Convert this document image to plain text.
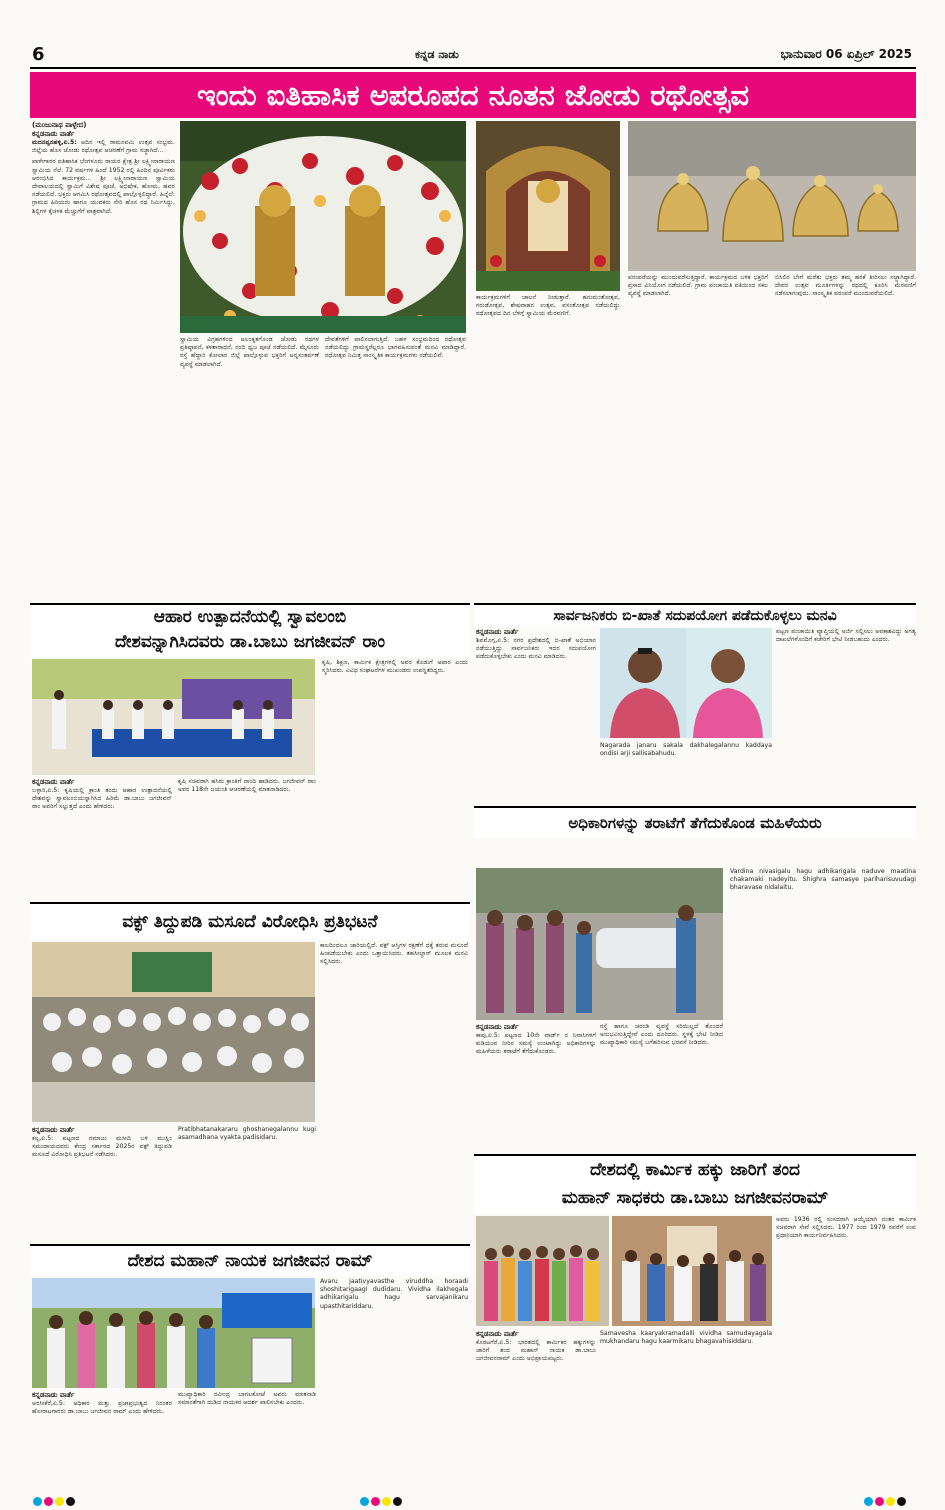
6	ಕನ್ನಡ ನಾಡು	ಭಾನುವಾರ 06 ಏಪ್ರಿಲ್ 2025
ಇಂದು ಐತಿಹಾಸಿಕ ಅಪರೂಪದ ನೂತನ ಜೋಡು ರಥೋತ್ಸವ
(ಮಂಜುನಾಥ ಪಾಳ್ಳೇದ)
ಕನ್ನಡನಾಡು ವಾರ್ತೆ
ಮದನಪ್ಪನಹಳ್ಳಿ,ಏ.5: ಆದಿನ ಇಲ್ಲಿ ರಾಮನವಮಿ ಉತ್ಸವ ಸಂಭ್ರಮ. ಜಿಲ್ಲೆಯ ಹೊಸ ಜೋಡು ರಥೋತ್ಸವ ಆಚರಣೆಗೆ ಗ್ರಾಮ ಸಜ್ಜಾಗಿದೆ...
ಪಾಳೇಗಾರರ ಐತಿಹಾಸಿಕ ಬೆಂಗಳೂರು ರಾಯರ ಕ್ಷೇತ್ರ ಶ್ರೀ ಲಕ್ಷ್ಮೀನಾರಾಯಣ ಸ್ವಾಮಿಯ ನೆಲೆ. 72 ವರ್ಷಗಳ ಹಿಂದೆ 1952 ರಲ್ಲಿ ಹಿಂದಿನ ಪೂರ್ವಿಕರು ಆರಂಭಿಸಿದ ಕಾರ್ಯಕ್ರಮ... ಶ್ರೀ ಲಕ್ಷ್ಮೀನಾರಾಯಣ ಸ್ವಾಮಿಯ ದೇವಾಲಯದಲ್ಲಿ ಸ್ವಾಮಿಗೆ ವಿಶೇಷ ಪೂಜೆ, ಅಭಿಷೇಕ, ಹೋಮ, ಹವನ ನಡೆಯಲಿದೆ. ಭಕ್ತರು ಆಗಮಿಸಿ ರಥೋತ್ಸವದಲ್ಲಿ ಪಾಲ್ಗೊಳ್ಳಲಿದ್ದಾರೆ. ಹಿನ್ನೆಲೆ: ಗ್ರಾಮದ ಹಿರಿಯರು ಹಾಗೂ ಯುವಕರು ಸೇರಿ ಹೊಸ ರಥ ನಿರ್ಮಿಸಿದ್ದು, ಶಿಲ್ಪಿಗಳ ಕೈಚಳಕ ಮೆಚ್ಚುಗೆಗೆ ಪಾತ್ರವಾಗಿದೆ.
ಸ್ವಾಮಿಯ ವಿಗ್ರಹಗಳಿಂದ ಅಲಂಕೃತಗೊಂಡ ಜೋಡು ರಥಗಳ ಪ್ರತಿಷ್ಠಾಪನೆ, ಕಳಶಾರಾಧನೆ, ನಂದಿ ಧ್ವಜ ಪೂಜೆ ನಡೆಯಲಿದೆ. ಮೈಸೂರು ರಸ್ತೆ ಹೆದ್ದಾರಿ ಕೋಲಾರ ಜಿಲ್ಲೆ ಪಾಲ್ಗೊಳ್ಳುವ ಭಕ್ತರಿಗೆ ಅನ್ನಸಂತರ್ಪಣೆ ವ್ಯವಸ್ಥೆ ಮಾಡಲಾಗಿದೆ.
ದೇವತೆಗಳಿಗೆ ಪಾಲಿಸಲಾಗುತ್ತಿದೆ. ಬಹಳ ಸಂಭ್ರಮದಿಂದ ರಥೋತ್ಸವ ನಡೆಯಲಿದ್ದು ಗ್ರಾಮಸ್ಥರೆಲ್ಲರೂ ಭಾಗವಹಿಸುವಂತೆ ಮನವಿ ಮಾಡಿದ್ದಾರೆ. ರಥೋತ್ಸವ ನಿಮಿತ್ತ ಸಾಂಸ್ಕೃತಿಕ ಕಾರ್ಯಕ್ರಮಗಳು ನಡೆಯಲಿವೆ.
ಕಾರ್ಯಕ್ರಮಗಳಿಗೆ ಚಾಲನೆ ನೀಡುತ್ತಾರೆ. ಹನುಮಂತೋತ್ಸವ, ಗರುಡೋತ್ಸವ, ಶೇಷವಾಹನ ಉತ್ಸವ, ವಸಂತೋತ್ಸವ ನಡೆಯಲಿದ್ದು ರಥೋತ್ಸವದ ದಿನ ಬೆಳಿಗ್ಗೆ ಸ್ವಾಮಿಯ ಮೆರವಣಿಗೆ.
ಪರಂಪರೆಯನ್ನು ಮುಂದುವರೆಸುತ್ತಿದ್ದಾರೆ. ಕಾರ್ಯಕ್ರಮದ ಬಳಿಕ ಭಕ್ತರಿಗೆ ಪ್ರಸಾದ ವಿನಿಯೋಗ ನಡೆಯಲಿದೆ. ಗ್ರಾಮ ಪಂಚಾಯಿತಿ ವತಿಯಿಂದ ಸಕಲ ವ್ಯವಸ್ಥೆ ಮಾಡಲಾಗಿದೆ.
ಬಿಸಿಲಿನ ಬೇಗೆ ಮರೆತು ಭಕ್ತರು ತಮ್ಮ ಹರಕೆ ತೀರಿಸಲು ಸಜ್ಜಾಗಿದ್ದಾರೆ. ದೇವರ ಉತ್ಸವ ಮೂರ್ತಿಗಳನ್ನು ರಥದಲ್ಲಿ ಕೂರಿಸಿ ಮೆರವಣಿಗೆ ನಡೆಸಲಾಗುವುದು. ಸಾಂಸ್ಕೃತಿಕ ಪರಂಪರೆ ಮುಂದುವರೆಯಲಿದೆ.
ಆಹಾರ ಉತ್ಪಾದನೆಯಲ್ಲಿ ಸ್ವಾವಲಂಬಿ
ದೇಶವನ್ನಾಗಿಸಿದವರು ಡಾ.ಬಾಬು ಜಗಜೀವನ್ ರಾಂ
ಕನ್ನಡನಾಡು ವಾರ್ತೆ
ಬಳ್ಳಾರಿ,ಏ.5: ಕೃಷಿಯಲ್ಲಿ ಕ್ರಾಂತಿ ತಂದು ಆಹಾರ ಉತ್ಪಾದನೆಯಲ್ಲಿ ದೇಶವನ್ನು ಸ್ವಾವಲಂಬಿಯನ್ನಾಗಿಸಿದ ಹಿರಿಮೆ ಡಾ.ಬಾಬು ಜಗಜೀವನ್ ರಾಂ ಅವರಿಗೆ ಸಲ್ಲುತ್ತದೆ ಎಂದು ಹೇಳಿದರು.
ಕೃಷಿ ಸಚಿವರಾಗಿ ಹಸಿರು ಕ್ರಾಂತಿಗೆ ನಾಂದಿ ಹಾಡಿದರು. ಜಗಜೀವನ್ ರಾಂ ಅವರ 118ನೇ ಜಯಂತಿ ಆಚರಣೆಯಲ್ಲಿ ಮಾತನಾಡಿದರು.
ಕೃಷಿ, ಶಿಕ್ಷಣ, ಕಾರ್ಮಿಕ ಕ್ಷೇತ್ರಗಳಲ್ಲಿ ಅವರ ಕೊಡುಗೆ ಅಪಾರ ಎಂದು ಸ್ಮರಿಸಿದರು. ವಿವಿಧ ಸಂಘಟನೆಗಳ ಮುಖಂಡರು ಉಪಸ್ಥಿತರಿದ್ದರು.
ಸಾರ್ವಜನಿಕರು ಬಿ-ಖಾತೆ ಸದುಪಯೋಗ ಪಡೆದುಕೊಳ್ಳಲು ಮನವಿ
ಕನ್ನಡನಾಡು ವಾರ್ತೆ
ಶಿವಮೊಗ್ಗ,ಏ.5: ನಗರ ಪ್ರದೇಶದಲ್ಲಿ ಬಿ-ಖಾತೆ ಅಭಿಯಾನ ನಡೆಯುತ್ತಿದ್ದು ಸಾರ್ವಜನಿಕರು ಇದರ ಸದುಪಯೋಗ ಪಡೆದುಕೊಳ್ಳಬೇಕು ಎಂದು ಮನವಿ ಮಾಡಿದರು.
ಪಟ್ಟಣ ಪಂಚಾಯಿತಿ ವ್ಯಾಪ್ತಿಯಲ್ಲಿ ಅರ್ಜಿ ಸಲ್ಲಿಸಲು ಅವಕಾಶವಿದ್ದು ಅಗತ್ಯ ದಾಖಲೆಗಳೊಂದಿಗೆ ಕಚೇರಿಗೆ ಭೇಟಿ ನೀಡಬಹುದು ಎಂದರು.
Nagarada janaru sakala dakhalegalannu kaddaya ondisi arji sallisabahudu.
ಅಧಿಕಾರಿಗಳನ್ನು ತರಾಟೆಗೆ ತೆಗೆದುಕೊಂಡ ಮಹಿಳೆಯರು
ಕನ್ನಡನಾಡು ವಾರ್ತೆ
ಕಾಪು,ಏ.5: ಪಟ್ಟಣದ 10ನೇ ವಾರ್ಡ್ ನ ನಿವಾಸಿಗಳಿಗೆ ಕುಡಿಯುವ ನೀರಿನ ಸಮಸ್ಯೆ ಉಂಟಾಗಿದ್ದು ಅಧಿಕಾರಿಗಳನ್ನು ಮಹಿಳೆಯರು ತರಾಟೆಗೆ ತೆಗೆದುಕೊಂಡರು.
ರಸ್ತೆ ಹಾಗೂ ಚರಂಡಿ ವ್ಯವಸ್ಥೆ ಸರಿಯಿಲ್ಲದೆ ತೊಂದರೆ ಅನುಭವಿಸುತ್ತಿದ್ದೇವೆ ಎಂದು ದೂರಿದರು. ಸ್ಥಳಕ್ಕೆ ಭೇಟಿ ನೀಡಿದ ಮುಖ್ಯಾಧಿಕಾರಿ ಸಮಸ್ಯೆ ಬಗೆಹರಿಸುವ ಭರವಸೆ ನೀಡಿದರು.
Vardina nivasigalu hagu adhikarigala naduve maatina chakamaki nadeyitu. Shighra samasye pariharisuvudagi bharavase nidalaitu.
ವಕ್ಫ್ ತಿದ್ದುಪಡಿ ಮಸೂದೆ ವಿರೋಧಿಸಿ ಪ್ರತಿಭಟನೆ
ಕನ್ನಡನಾಡು ವಾರ್ತೆ
ಕಲ್ಪ,ಏ.5: ಪಟ್ಟಣದ ನಮಾಜು ಮಸೀದಿ ಬಳಿ ಮುಸ್ಲಿಂ ಸಮುದಾಯದವರು ಕೇಂದ್ರ ಸರ್ಕಾರದ 2025ರ ವಕ್ಫ್ ತಿದ್ದುಪಡಿ ಮಸೂದೆ ವಿರೋಧಿಸಿ ಪ್ರತಿಭಟನೆ ನಡೆಸಿದರು.
ಕಾಲದಿಂದಲೂ ಜಾರಿಯಲ್ಲಿದೆ. ವಕ್ಫ್ ಆಸ್ತಿಗಳ ರಕ್ಷಣೆಗೆ ಧಕ್ಕೆ ತರುವ ಮಸೂದೆ ಹಿಂಪಡೆಯಬೇಕು ಎಂದು ಒತ್ತಾಯಿಸಿದರು. ತಹಸೀಲ್ದಾರ್ ಮೂಲಕ ಮನವಿ ಸಲ್ಲಿಸಿದರು.
Pratibhatanakararu ghoshanegalannu kugi asamadhana vyakta padisidaru.
ದೇಶದಲ್ಲಿ ಕಾರ್ಮಿಕ ಹಕ್ಕು ಜಾರಿಗೆ ತಂದ
ಮಹಾನ್ ಸಾಧಕರು ಡಾ.ಬಾಬು ಜಗಜೀವನರಾಮ್
ಕನ್ನಡನಾಡು ವಾರ್ತೆ
ಕೊರಟಗೆರೆ,ಏ.5: ಭಾರತದಲ್ಲಿ ಕಾರ್ಮಿಕರ ಹಕ್ಕುಗಳನ್ನು ಜಾರಿಗೆ ತಂದ ಮಹಾನ್ ನಾಯಕ ಡಾ.ಬಾಬು ಜಗಜೀವನರಾಮ್ ಎಂದು ಅಭಿಪ್ರಾಯಪಟ್ಟರು.
Samavesha kaaryakramadalli vividha samudayagala mukhandaru hagu kaarmikaru bhagavahisiddaru.
ಅವರು 1936 ರಲ್ಲಿ ಸಂಸದರಾಗಿ ಆಯ್ಕೆಯಾಗಿ ನಂತರ ಕಾರ್ಮಿಕ ಸಚಿವರಾಗಿ ಸೇವೆ ಸಲ್ಲಿಸಿದರು. 1977 ರಿಂದ 1979 ರವರೆಗೆ ಉಪ ಪ್ರಧಾನಿಯಾಗಿ ಕಾರ್ಯನಿರ್ವಹಿಸಿದರು.
ದೇಶದ ಮಹಾನ್ ನಾಯಕ ಜಗಜೀವನ ರಾಮ್
ಕನ್ನಡನಾಡು ವಾರ್ತೆ
ಅರಸೀಕೆರೆ,ಏ.5: ಅಧಿಕಾರ ಮತ್ತು ಪ್ರಜಾಪ್ರಭುತ್ವದ ನಿರಂತರ ಹೋರಾಟಗಾರರು ಡಾ.ಬಾಬು ಜಗಜೀವನ ರಾಮ್ ಎಂದು ಹೇಳಿದರು.
ಮುಖ್ಯಾಧಿಕಾರಿ ರವೀಂದ್ರ ಬಾಗಲಕೋಟೆ ಅವರು ಮಾತನಾಡಿ ಸಮಾನತೆಗಾಗಿ ದುಡಿದ ನಾಯಕರ ಆದರ್ಶ ಪಾಲಿಸಬೇಕು ಎಂದರು.
Avaru jaativyavasthe viruddha horaadi shoshitarigaagi dudidaru. Vividha ilakhegala adhikarigalu hagu sarvajanikaru upasthitariddaru.
